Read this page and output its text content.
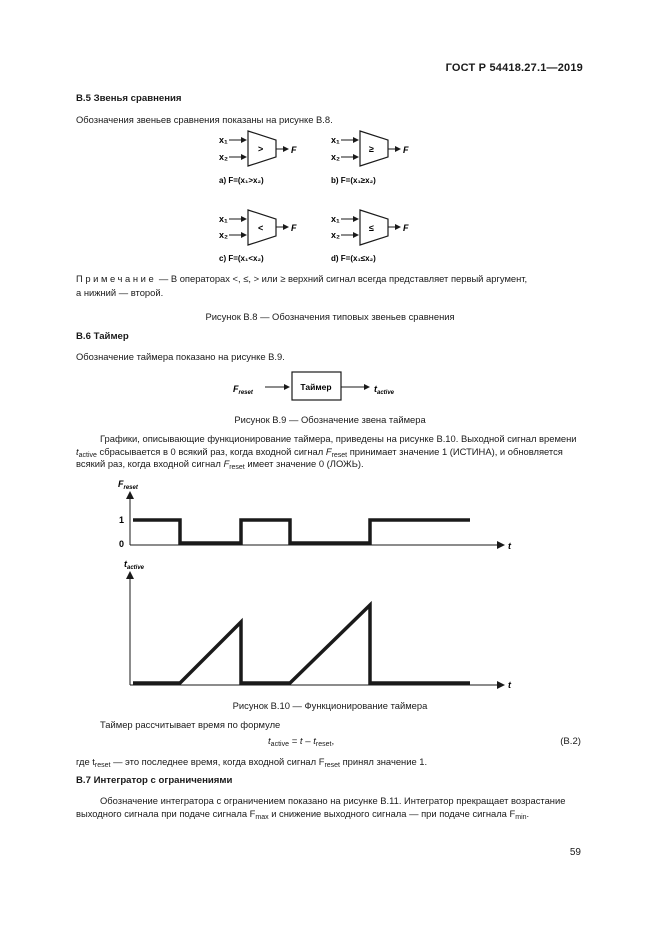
ГОСТ Р 54418.27.1—2019
В.5 Звенья сравнения
Обозначения звеньев сравнения показаны на рисунке В.8.
x₁
x₂
>	F
a) F=(x₁>x₂)
x₁
x₂
≥	F
b) F=(x₁≥x₂)
x₁
x₂
<	F
c) F=(x₁<x₂)
x₁
x₂
≤	F
d) F=(x₁≤x₂)
Примечание — В операторах <, ≤, > или ≥ верхний сигнал всегда представляет первый аргумент,
а нижний — второй.
Рисунок В.8 — Обозначения типовых звеньев сравнения
В.6 Таймер
Обозначение таймера показано на рисунке В.9.
$F_{reset}$
Таймер	$t_{active}$
Рисунок В.9 — Обозначение звена таймера
Графики, описывающие функционирование таймера, приведены на рисунке В.10. Выходной сигнал времени
$t_{active}$ сбрасывается в 0 всякий раз, когда входной сигнал $F_{reset}$ принимает значение 1 (ИСТИНА), и обновляется
всякий раз, когда входной сигнал $F_{reset}$ имеет значение 0 (ЛОЖЬ).
$F_{reset}$
1
0	t
$t_{active}$
t
Рисунок В.10 — Функционирование таймера
Таймер рассчитывает время по формуле
$t_{active} = t - t_{reset}$,	(В.2)
где $t_{reset}$ — это последнее время, когда входной сигнал $F_{reset}$ принял значение 1.
В.7 Интегратор с ограничениями
Обозначение интегратора с ограничением показано на рисунке В.11. Интегратор прекращает возрастание
выходного сигнала при подаче сигнала $F_{max}$ и снижение выходного сигнала — при подаче сигнала $F_{min}$.
59
